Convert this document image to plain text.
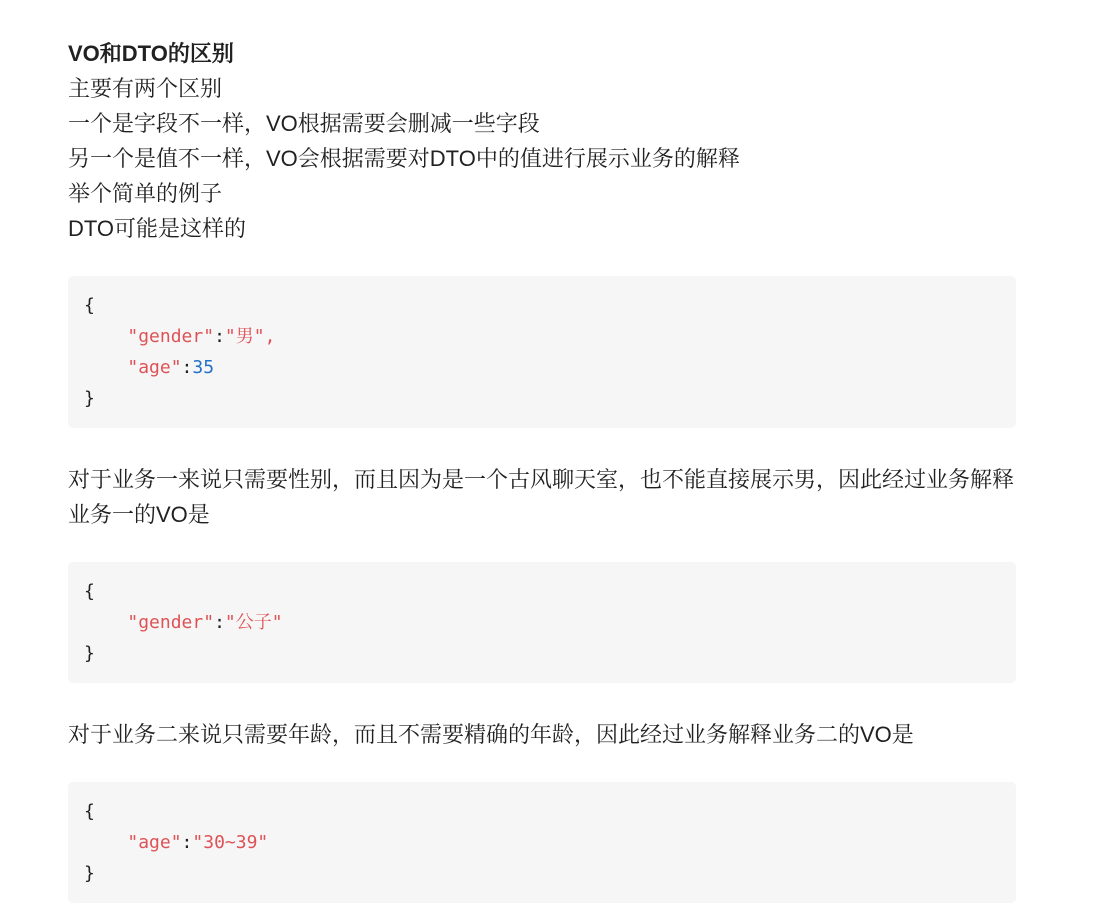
VO和DTO的区别

主要有两个区别

一个是字段不一样，VO根据需要会删减一些字段

另一个是值不一样，VO会根据需要对DTO中的值进行展示业务的解释

举个简单的例子

DTO可能是这样的

{
"gender":"男",
"age":35
}

对于业务一来说只需要性别，而且因为是一个古风聊天室，也不能直接展示男，因此经过业务解释业务一的VO是

{
"gender":"公子"
}

对于业务二来说只需要年龄，而且不需要精确的年龄，因此经过业务解释业务二的VO是

{
"age":"30~39"
}
